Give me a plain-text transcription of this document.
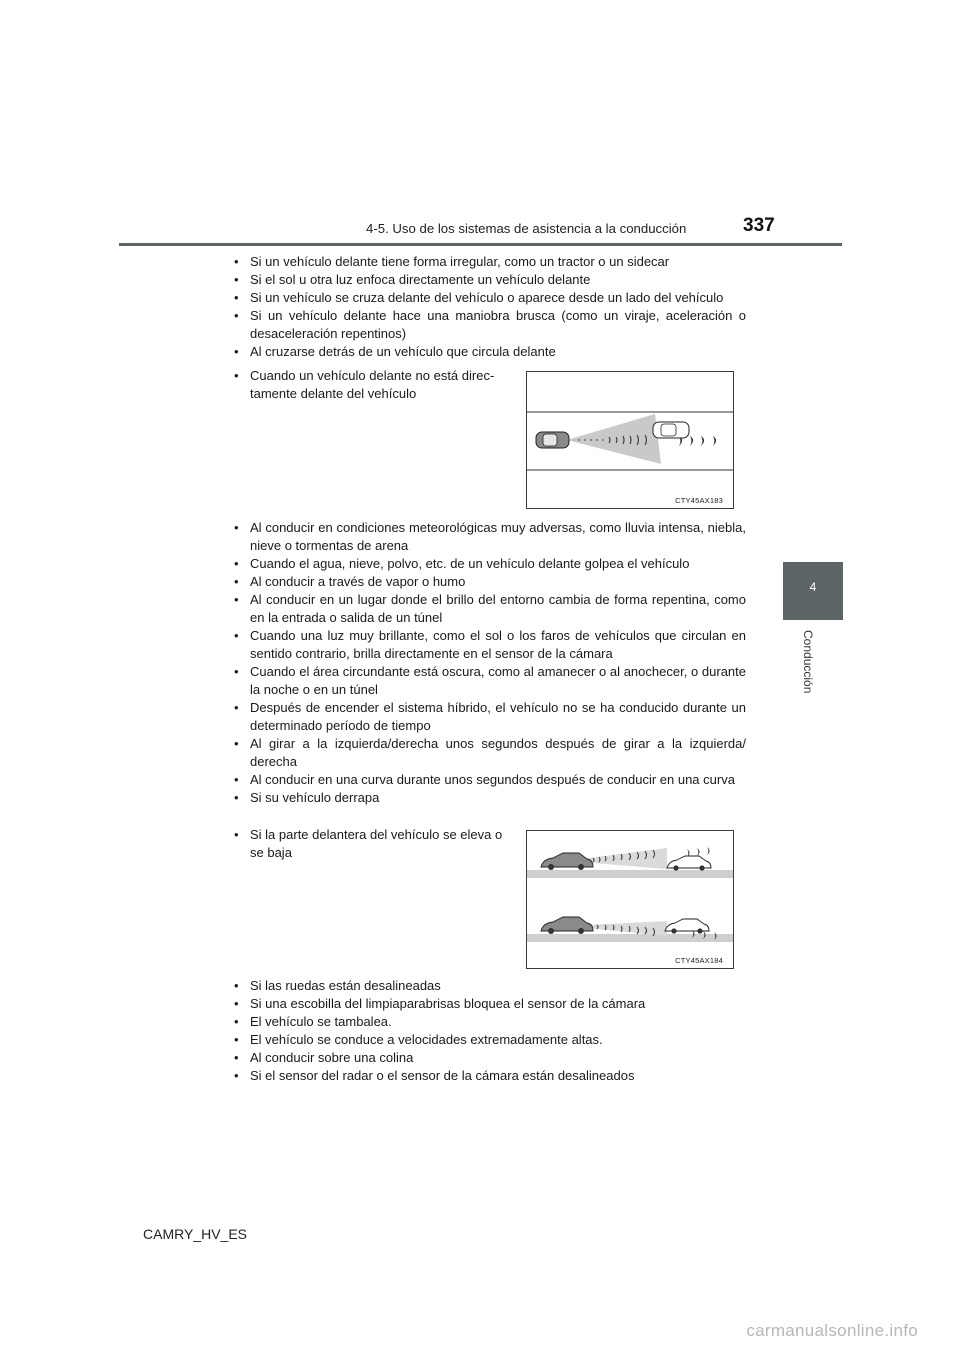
4-5. Uso de los sistemas de asistencia a la conducción	337
4
Conducción
• Si un vehículo delante tiene forma irregular, como un tractor o un sidecar
• Si el sol u otra luz enfoca directamente un vehículo delante
• Si un vehículo se cruza delante del vehículo o aparece desde un lado del vehículo
• Si un vehículo delante hace una maniobra brusca (como un viraje, aceleración o desaceleración repentinos)
• Al cruzarse detrás de un vehículo que circula delante
• Cuando un vehículo delante no está direc-tamente delante del vehículo
CTY45AX183
• Al conducir en condiciones meteorológicas muy adversas, como lluvia intensa, niebla, nieve o tormentas de arena
• Cuando el agua, nieve, polvo, etc. de un vehículo delante golpea el vehículo
• Al conducir a través de vapor o humo
• Al conducir en un lugar donde el brillo del entorno cambia de forma repentina, como en la entrada o salida de un túnel
• Cuando una luz muy brillante, como el sol o los faros de vehículos que circulan en sentido contrario, brilla directamente en el sensor de la cámara
• Cuando el área circundante está oscura, como al amanecer o al anochecer, o durante la noche o en un túnel
• Después de encender el sistema híbrido, el vehículo no se ha conducido durante un determinado período de tiempo
• Al girar a la izquierda/derecha unos segundos después de girar a la izquierda/ derecha
• Al conducir en una curva durante unos segundos después de conducir en una curva
• Si su vehículo derrapa
• Si la parte delantera del vehículo se eleva o se baja
CTY45AX184
• Si las ruedas están desalineadas
• Si una escobilla del limpiaparabrisas bloquea el sensor de la cámara
• El vehículo se tambalea.
• El vehículo se conduce a velocidades extremadamente altas.
• Al conducir sobre una colina
• Si el sensor del radar o el sensor de la cámara están desalineados
CAMRY_HV_ES
carmanualsonline.info
